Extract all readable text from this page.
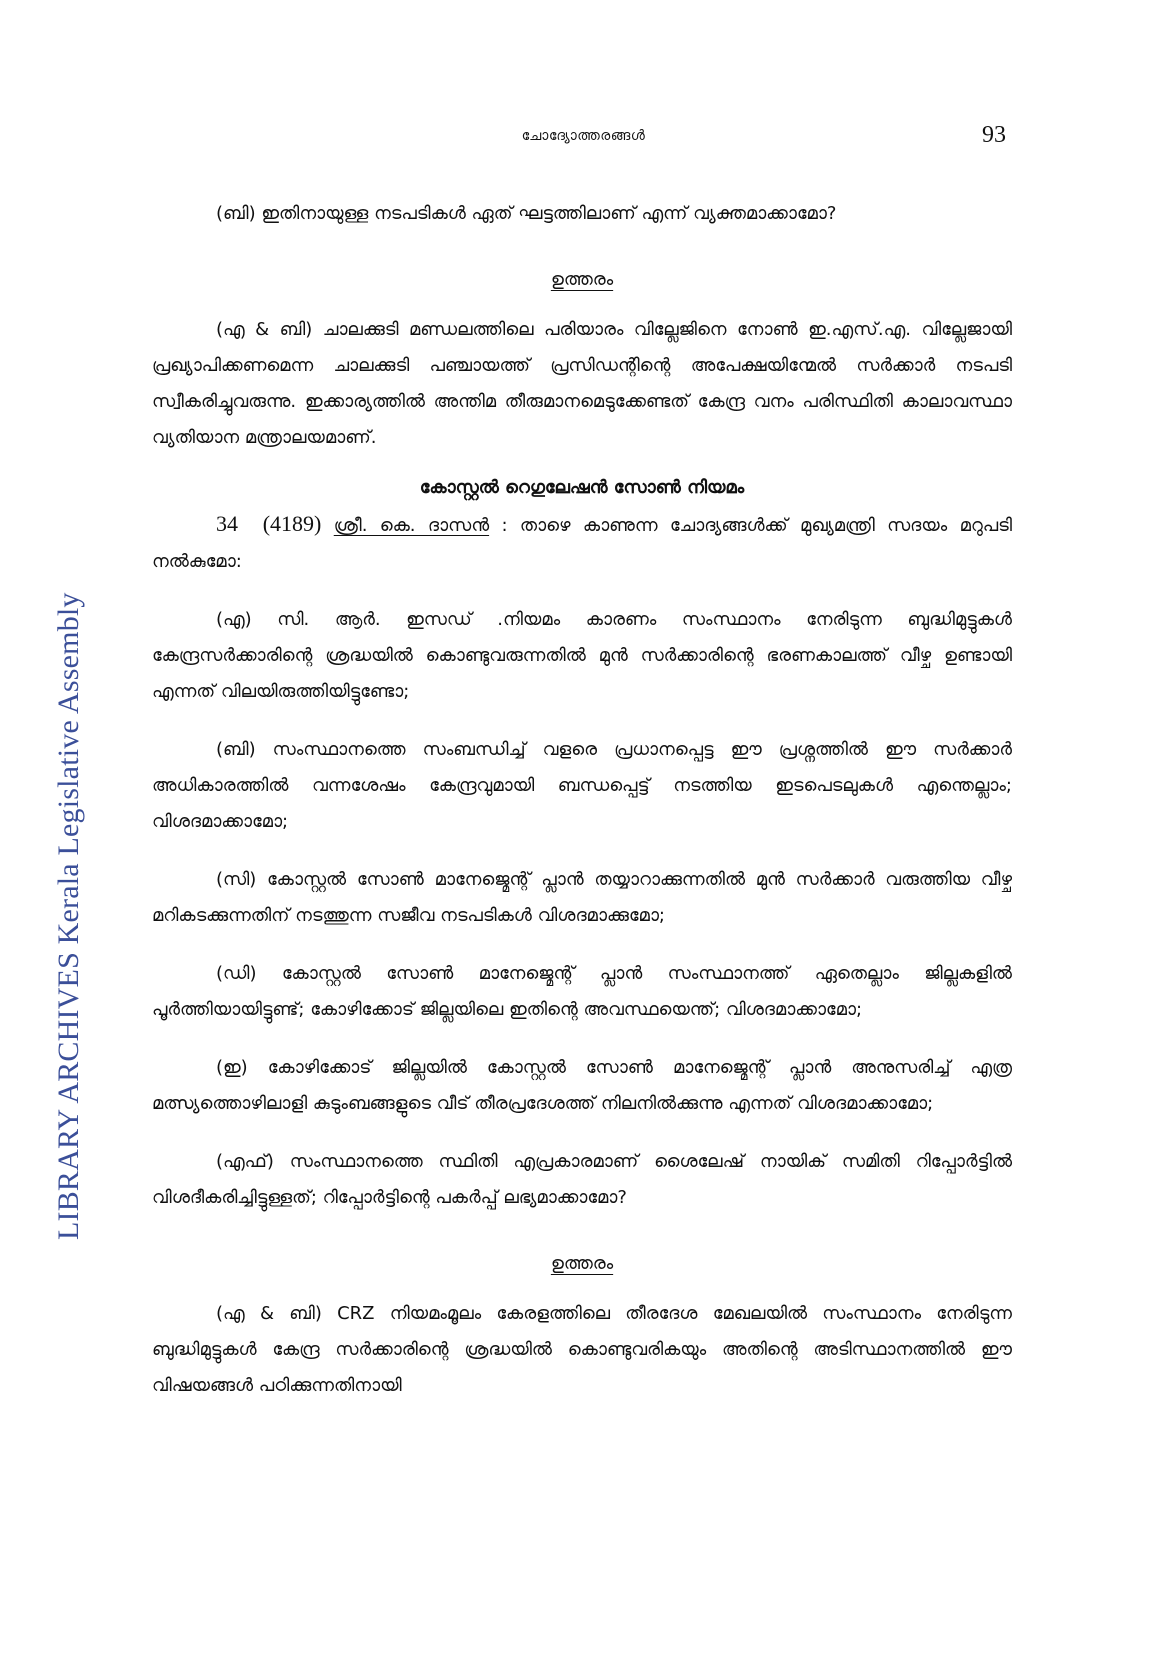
LIBRARY ARCHIVES Kerala Legislative Assembly
ചോദ്യോത്തരങ്ങൾ	93

(ബി) ഇതിനായുള്ള നടപടികൾ ഏത് ഘട്ടത്തിലാണ് എന്ന് വ്യക്തമാക്കാമോ?

ഉത്തരം

(എ & ബി) ചാലക്കുടി മണ്ഡലത്തിലെ പരിയാരം വില്ലേജിനെ നോൺ ഇ.എസ്.എ. വില്ലേജായി പ്രഖ്യാപിക്കണമെന്ന ചാലക്കുടി പഞ്ചായത്ത് പ്രസിഡന്റിന്റെ അപേക്ഷയിന്മേൽ സർക്കാർ നടപടി സ്വീകരിച്ചുവരുന്നു. ഇക്കാര്യത്തിൽ അന്തിമ തീരുമാനമെടുക്കേണ്ടത് കേന്ദ്ര വനം പരിസ്ഥിതി കാലാവസ്ഥാ വ്യതിയാന മന്ത്രാലയമാണ്.

കോസ്റ്റൽ റെഗുലേഷൻ സോൺ നിയമം

34 (4189) ശ്രീ. കെ. ദാസൻ : താഴെ കാണുന്ന ചോദ്യങ്ങൾക്ക് മുഖ്യമന്ത്രി സദയം മറുപടി നൽകുമോ:

(എ) സി. ആർ. ഇസഡ് .നിയമം കാരണം സംസ്ഥാനം നേരിടുന്ന ബുദ്ധിമുട്ടുകൾ കേന്ദ്രസർക്കാരിന്റെ ശ്രദ്ധയിൽ കൊണ്ടുവരുന്നതിൽ മുൻ സർക്കാരിന്റെ ഭരണകാലത്ത് വീഴ്ച ഉണ്ടായി എന്നത് വിലയിരുത്തിയിട്ടുണ്ടോ;

(ബി) സംസ്ഥാനത്തെ സംബന്ധിച്ച് വളരെ പ്രധാനപ്പെട്ട ഈ പ്രശ്നത്തിൽ ഈ സർക്കാർ അധികാരത്തിൽ വന്നശേഷം കേന്ദ്രവുമായി ബന്ധപ്പെട്ട് നടത്തിയ ഇടപെടലുകൾ എന്തെല്ലാം; വിശദമാക്കാമോ;

(സി) കോസ്റ്റൽ സോൺ മാനേജ്മെന്റ് പ്ലാൻ തയ്യാറാക്കുന്നതിൽ മുൻ സർക്കാർ വരുത്തിയ വീഴ്ച മറികടക്കുന്നതിന് നടത്തുന്ന സജീവ നടപടികൾ വിശദമാക്കുമോ;

(ഡി) കോസ്റ്റൽ സോൺ മാനേജ്മെന്റ് പ്ലാൻ സംസ്ഥാനത്ത് ഏതെല്ലാം ജില്ലകളിൽ പൂർത്തിയായിട്ടുണ്ട്; കോഴിക്കോട് ജില്ലയിലെ ഇതിന്റെ അവസ്ഥയെന്ത്; വിശദമാക്കാമോ;

(ഇ) കോഴിക്കോട് ജില്ലയിൽ കോസ്റ്റൽ സോൺ മാനേജ്മെന്റ് പ്ലാൻ അനുസരിച്ച് എത്ര മത്സ്യത്തൊഴിലാളി കുടുംബങ്ങളുടെ വീട് തീരപ്രദേശത്ത് നിലനിൽക്കുന്നു എന്നത് വിശദമാക്കാമോ;

(എഫ്) സംസ്ഥാനത്തെ സ്ഥിതി എപ്രകാരമാണ് ശൈലേഷ് നായിക് സമിതി റിപ്പോർട്ടിൽ വിശദീകരിച്ചിട്ടുള്ളത്; റിപ്പോർട്ടിന്റെ പകർപ്പ് ലഭ്യമാക്കാമോ?

ഉത്തരം

(എ & ബി) CRZ നിയമംമൂലം കേരളത്തിലെ തീരദേശ മേഖലയിൽ സംസ്ഥാനം നേരിടുന്ന ബുദ്ധിമുട്ടുകൾ കേന്ദ്ര സർക്കാരിന്റെ ശ്രദ്ധയിൽ കൊണ്ടുവരികയും അതിന്റെ അടിസ്ഥാനത്തിൽ ഈ വിഷയങ്ങൾ പഠിക്കുന്നതിനായി
